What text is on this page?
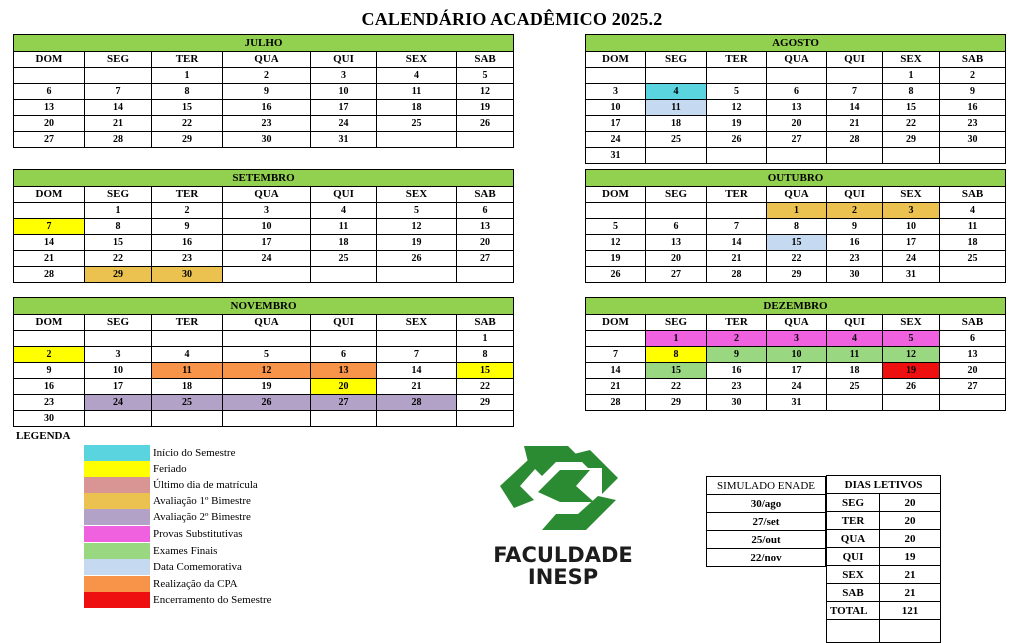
CALENDÁRIO ACADÊMICO 2025.2
JULHO						
DOM	SEG	TER	QUA	QUI	SEX	SAB
		1	2	3	4	5
6	7	8	9	10	11	12
13	14	15	16	17	18	19
20	21	22	23	24	25	26
27	28	29	30	31		
AGOSTO						
DOM	SEG	TER	QUA	QUI	SEX	SAB
					1	2
3	4	5	6	7	8	9
10	11	12	13	14	15	16
17	18	19	20	21	22	23
24	25	26	27	28	29	30
31						
SETEMBRO						
DOM	SEG	TER	QUA	QUI	SEX	SAB
	1	2	3	4	5	6
7	8	9	10	11	12	13
14	15	16	17	18	19	20
21	22	23	24	25	26	27
28	29	30				
OUTUBRO						
DOM	SEG	TER	QUA	QUI	SEX	SAB
			1	2	3	4
5	6	7	8	9	10	11
12	13	14	15	16	17	18
19	20	21	22	23	24	25
26	27	28	29	30	31	
NOVEMBRO						
DOM	SEG	TER	QUA	QUI	SEX	SAB
						1
2	3	4	5	6	7	8
9	10	11	12	13	14	15
16	17	18	19	20	21	22
23	24	25	26	27	28	29
30						
DEZEMBRO						
DOM	SEG	TER	QUA	QUI	SEX	SAB
	1	2	3	4	5	6
7	8	9	10	11	12	13
14	15	16	17	18	19	20
21	22	23	24	25	26	27
28	29	30	31			
LEGENDA
Início do Semestre
Feriado
Último dia de matrícula
Avaliação 1º Bimestre
Avaliação 2º Bimestre
Provas Substitutivas
Exames Finais
Data Comemorativa
Realização da CPA
Encerramento do Semestre
FACULDADE
INESP
SIMULADO ENADE
30/ago
27/set
25/out
22/nov
DIAS LETIVOS	
SEG	20
TER	20
QUA	20
QUI	19
SEX	21
SAB	21
TOTAL	121
